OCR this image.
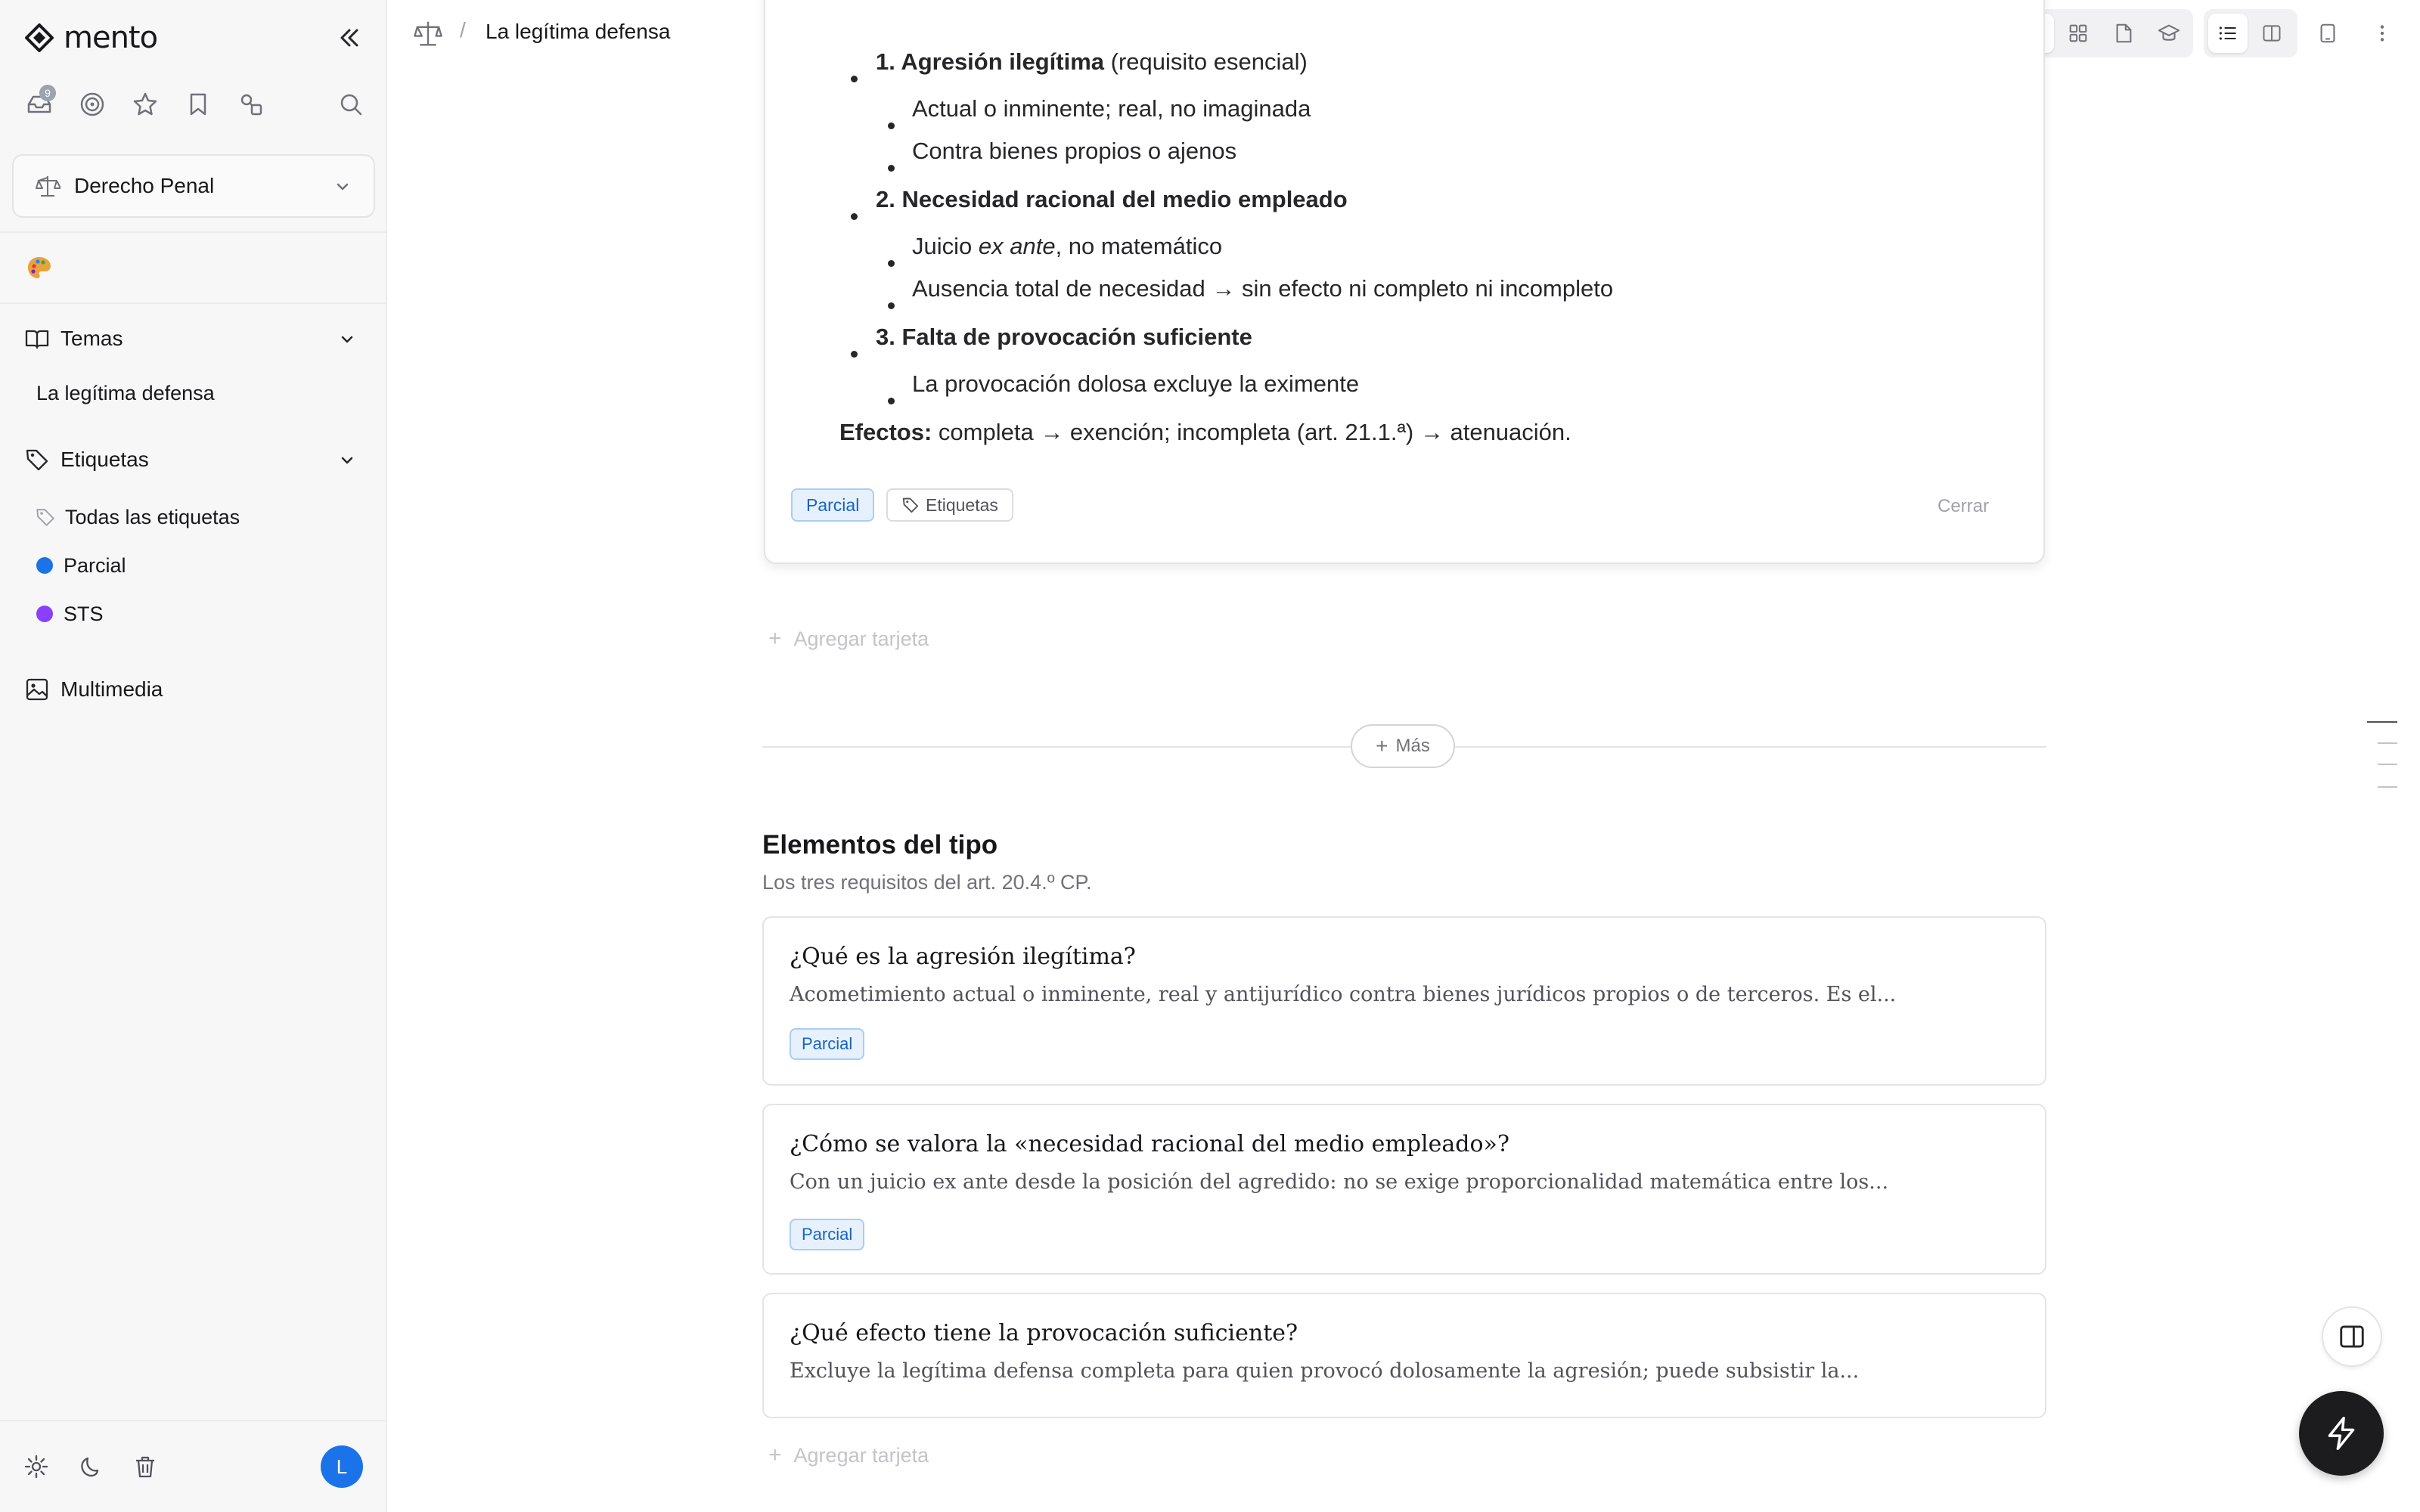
mento
9
Derecho Penal
Temas
La legítima defensa
Etiquetas
Todas las etiquetas
Parcial
STS
Multimedia
L
/ La legítima defensa
1. Agresión ilegítima (requisito esencial)
Actual o inminente; real, no imaginada
Contra bienes propios o ajenos
2. Necesidad racional del medio empleado
Juicio ex ante, no matemático
Ausencia total de necesidad → sin efecto ni completo ni incompleto
3. Falta de provocación suficiente
La provocación dolosa excluye la eximente
Efectos: completa → exención; incompleta (art. 21.1.ª) → atenuación.
Parcial	Etiquetas	Cerrar
+ Agregar tarjeta
+ Más
Elementos del tipo
Los tres requisitos del art. 20.4.º CP.
¿Qué es la agresión ilegítima?
Acometimiento actual o inminente, real y antijurídico contra bienes jurídicos propios o de terceros. Es el...
Parcial
¿Cómo se valora la «necesidad racional del medio empleado»?
Con un juicio ex ante desde la posición del agredido: no se exige proporcionalidad matemática entre los...
Parcial
¿Qué efecto tiene la provocación suficiente?
Excluye la legítima defensa completa para quien provocó dolosamente la agresión; puede subsistir la...
+ Agregar tarjeta
